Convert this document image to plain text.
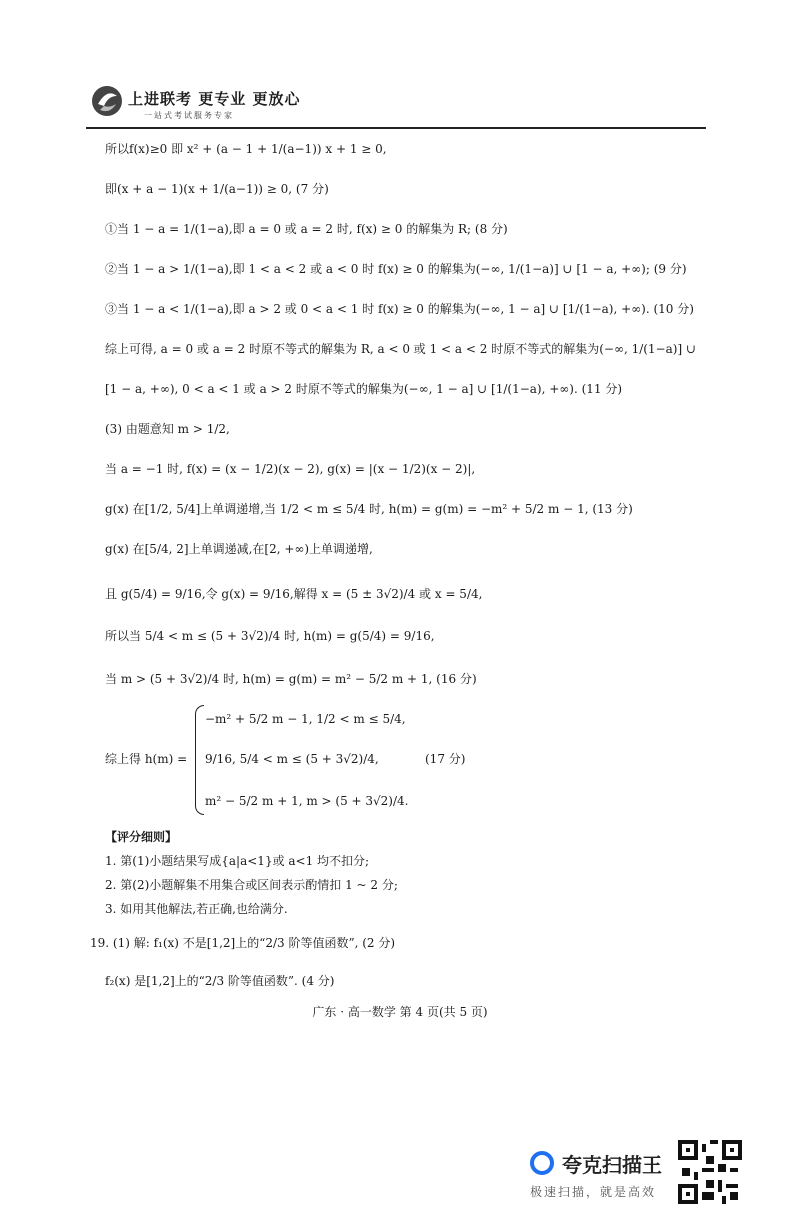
上进联考 更专业 更放心
一站式考试服务专家
所以f(x)≥0 即 x² + (a − 1 + 1/(a−1)) x + 1 ≥ 0,
即(x + a − 1)(x + 1/(a−1)) ≥ 0, (7 分)
①当 1 − a = 1/(1−a),即 a = 0 或 a = 2 时, f(x) ≥ 0 的解集为 R; (8 分)
②当 1 − a > 1/(1−a),即 1 < a < 2 或 a < 0 时 f(x) ≥ 0 的解集为(−∞, 1/(1−a)] ∪ [1 − a, +∞); (9 分)
③当 1 − a < 1/(1−a),即 a > 2 或 0 < a < 1 时 f(x) ≥ 0 的解集为(−∞, 1 − a] ∪ [1/(1−a), +∞). (10 分)
综上可得, a = 0 或 a = 2 时原不等式的解集为 R, a < 0 或 1 < a < 2 时原不等式的解集为(−∞, 1/(1−a)] ∪
[1 − a, +∞), 0 < a < 1 或 a > 2 时原不等式的解集为(−∞, 1 − a] ∪ [1/(1−a), +∞). (11 分)
(3) 由题意知 m > 1/2,
当 a = −1 时, f(x) = (x − 1/2)(x − 2), g(x) = |(x − 1/2)(x − 2)|,
g(x) 在[1/2, 5/4]上单调递增,当 1/2 < m ≤ 5/4 时, h(m) = g(m) = −m² + 5/2 m − 1, (13 分)
g(x) 在[5/4, 2]上单调递减,在[2, +∞)上单调递增,
且 g(5/4) = 9/16,令 g(x) = 9/16,解得 x = (5 ± 3√2)/4 或 x = 5/4,
所以当 5/4 < m ≤ (5 + 3√2)/4 时, h(m) = g(5/4) = 9/16,
当 m > (5 + 3√2)/4 时, h(m) = g(m) = m² − 5/2 m + 1, (16 分)
综上得 h(m) =
−m² + 5/2 m − 1, 1/2 < m ≤ 5/4,
9/16, 5/4 < m ≤ (5 + 3√2)/4,
m² − 5/2 m + 1, m > (5 + 3√2)/4.
(17 分)
【评分细则】
1. 第(1)小题结果写成{a|a<1}或 a<1 均不扣分;
2. 第(2)小题解集不用集合或区间表示酌情扣 1 ~ 2 分;
3. 如用其他解法,若正确,也给满分.
19. (1) 解: f₁(x) 不是[1,2]上的“2/3 阶等值函数”, (2 分)
f₂(x) 是[1,2]上的“2/3 阶等值函数”. (4 分)
广东 · 高一数学 第 4 页(共 5 页)
夸克扫描王
极速扫描，就是高效
